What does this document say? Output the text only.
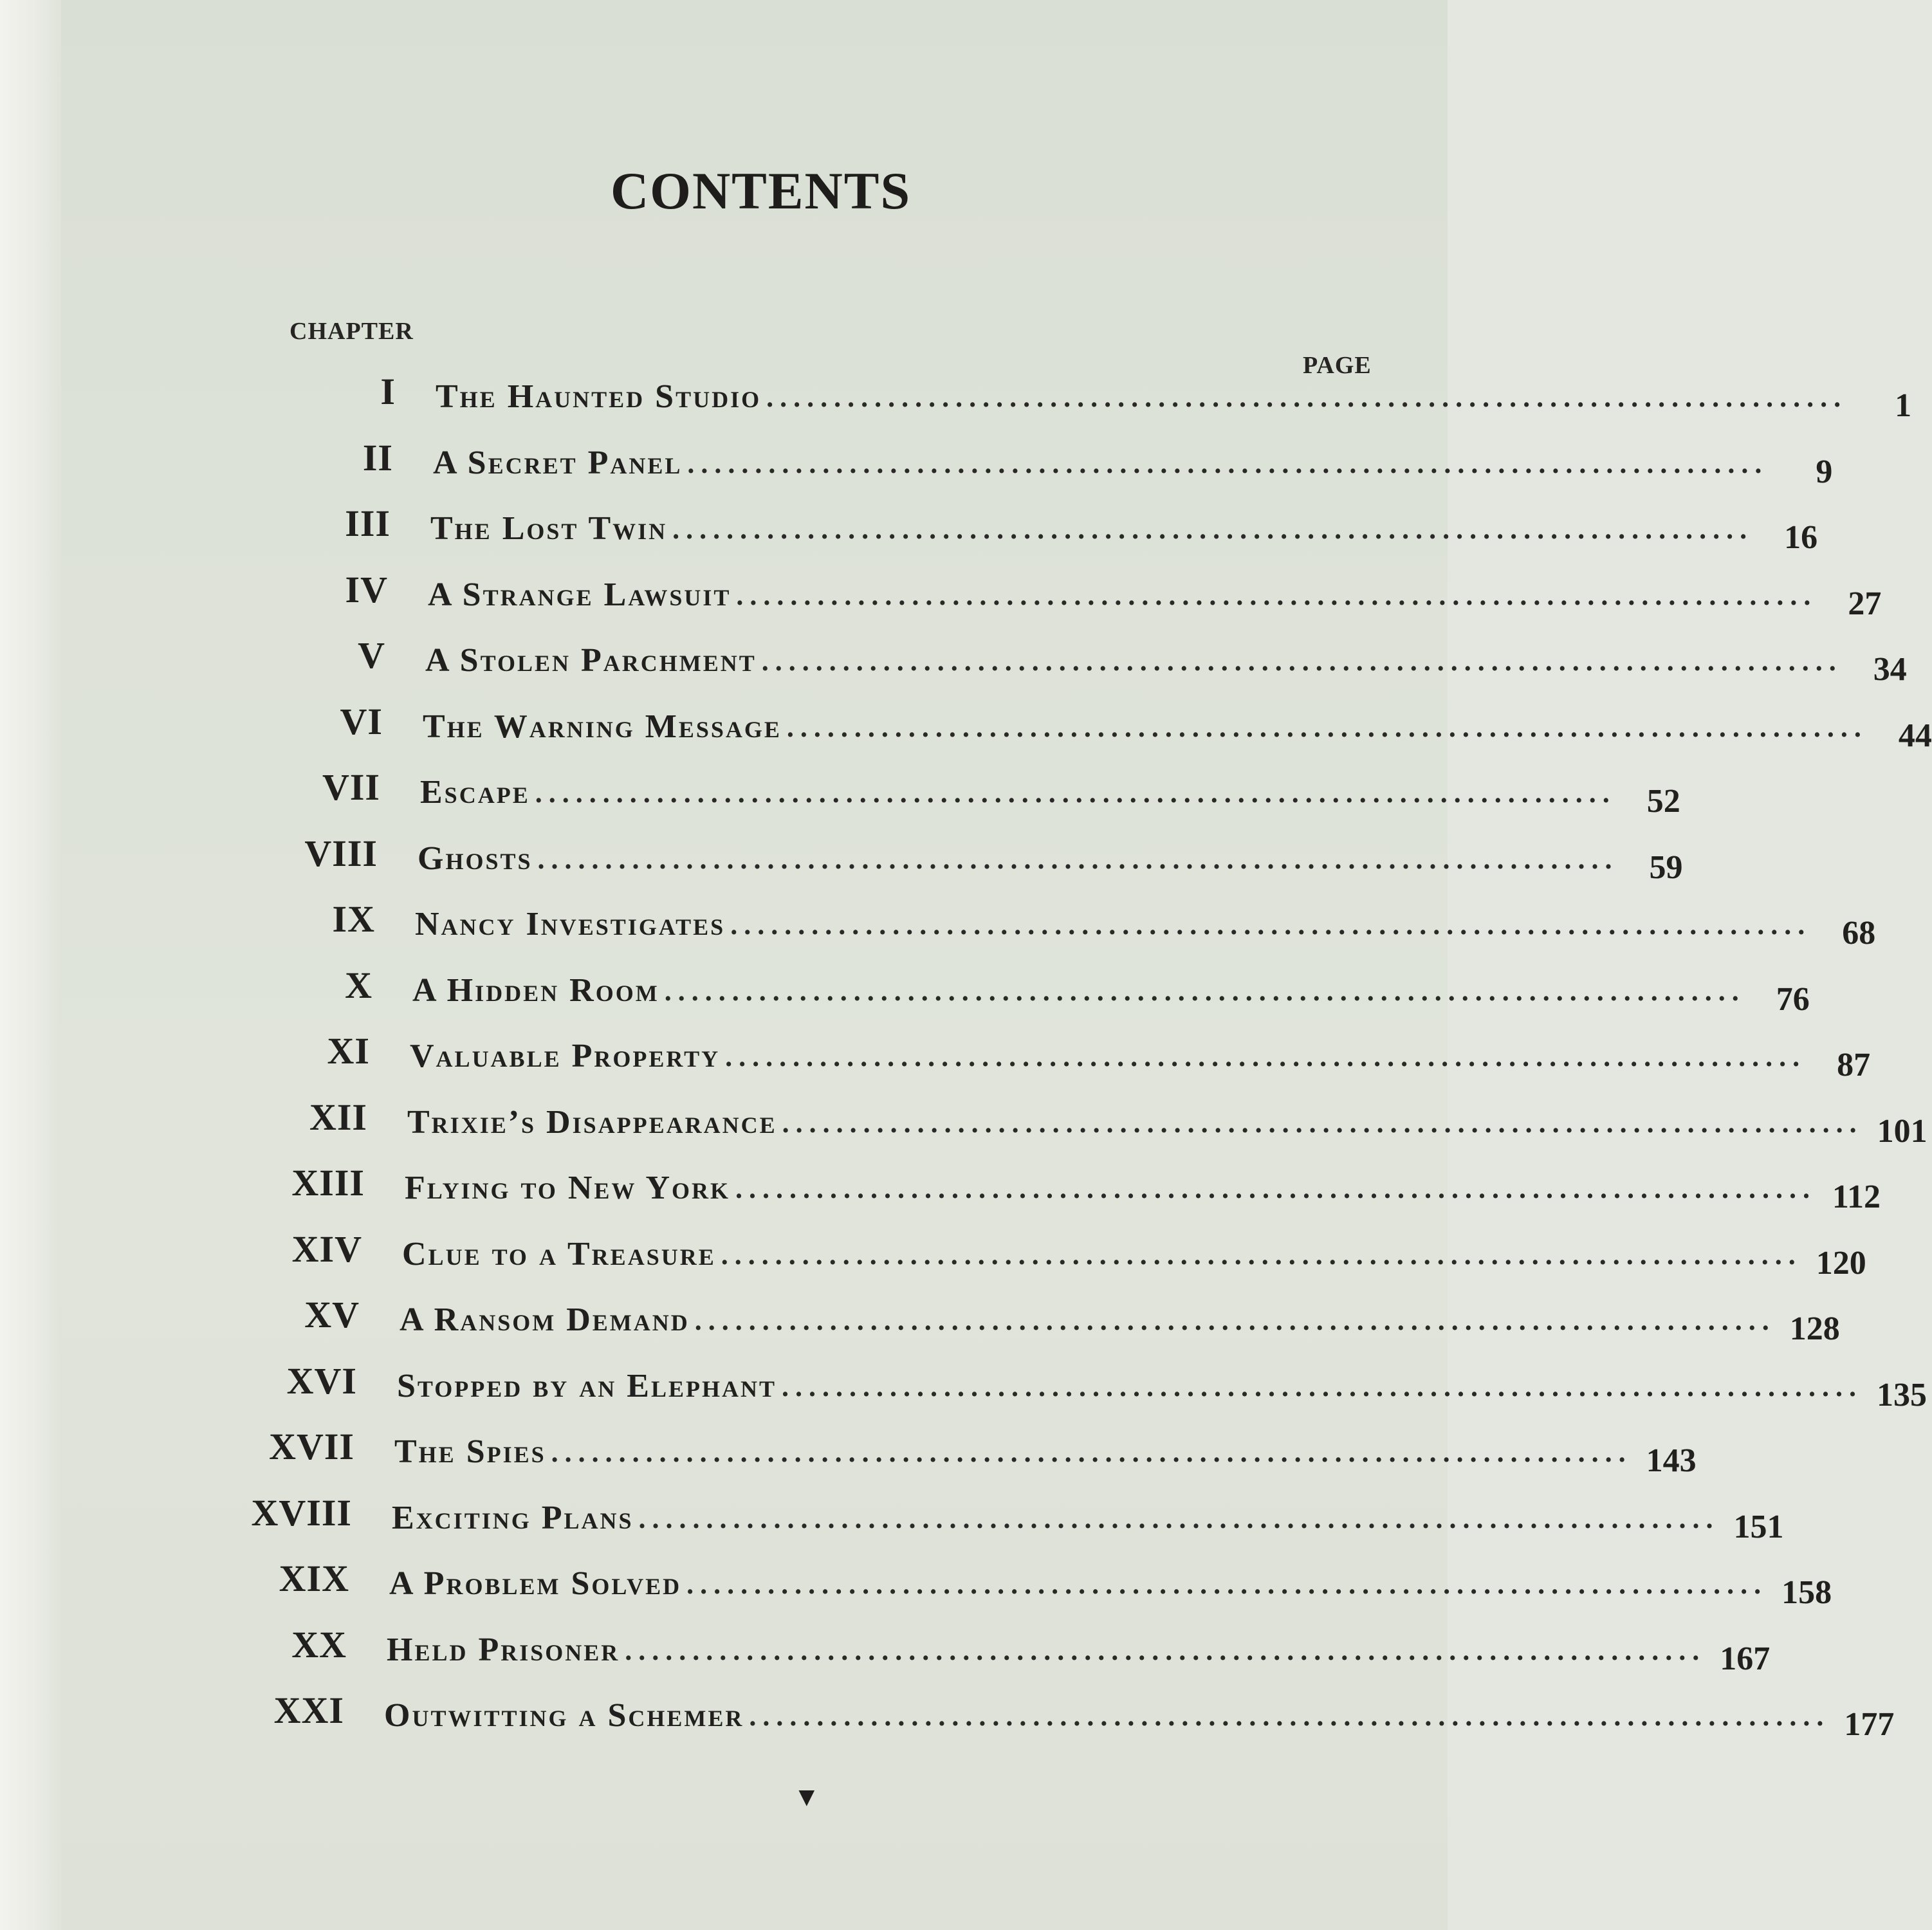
CONTENTS
CHAPTER
PAGE
I The Haunted Studio ................................................................................	1
II A Secret Panel ................................................................................	9
III The Lost Twin ................................................................................ 16
IV A Strange Lawsuit ................................................................................ 27
V A Stolen Parchment ................................................................................ 34
VI The Warning Message ................................................................................ 44
VII Escape ................................................................................ 52
VIII Ghosts ................................................................................ 59
IX Nancy Investigates ................................................................................ 68
X A Hidden Room ................................................................................ 76
XI Valuable Property ................................................................................ 87
XII Trixie’s Disappearance ................................................................................ 101
XIII Flying to New York ................................................................................ 112
XIV Clue to a Treasure ................................................................................ 120
XV A Ransom Demand ................................................................................ 128
XVI Stopped by an Elephant ................................................................................ 135
XVII The Spies ................................................................................ 143
XVIII Exciting Plans ................................................................................ 151
XIX A Problem Solved ................................................................................ 158
XX Held Prisoner ................................................................................ 167
XXI Outwitting a Schemer ................................................................................ 177
▼
